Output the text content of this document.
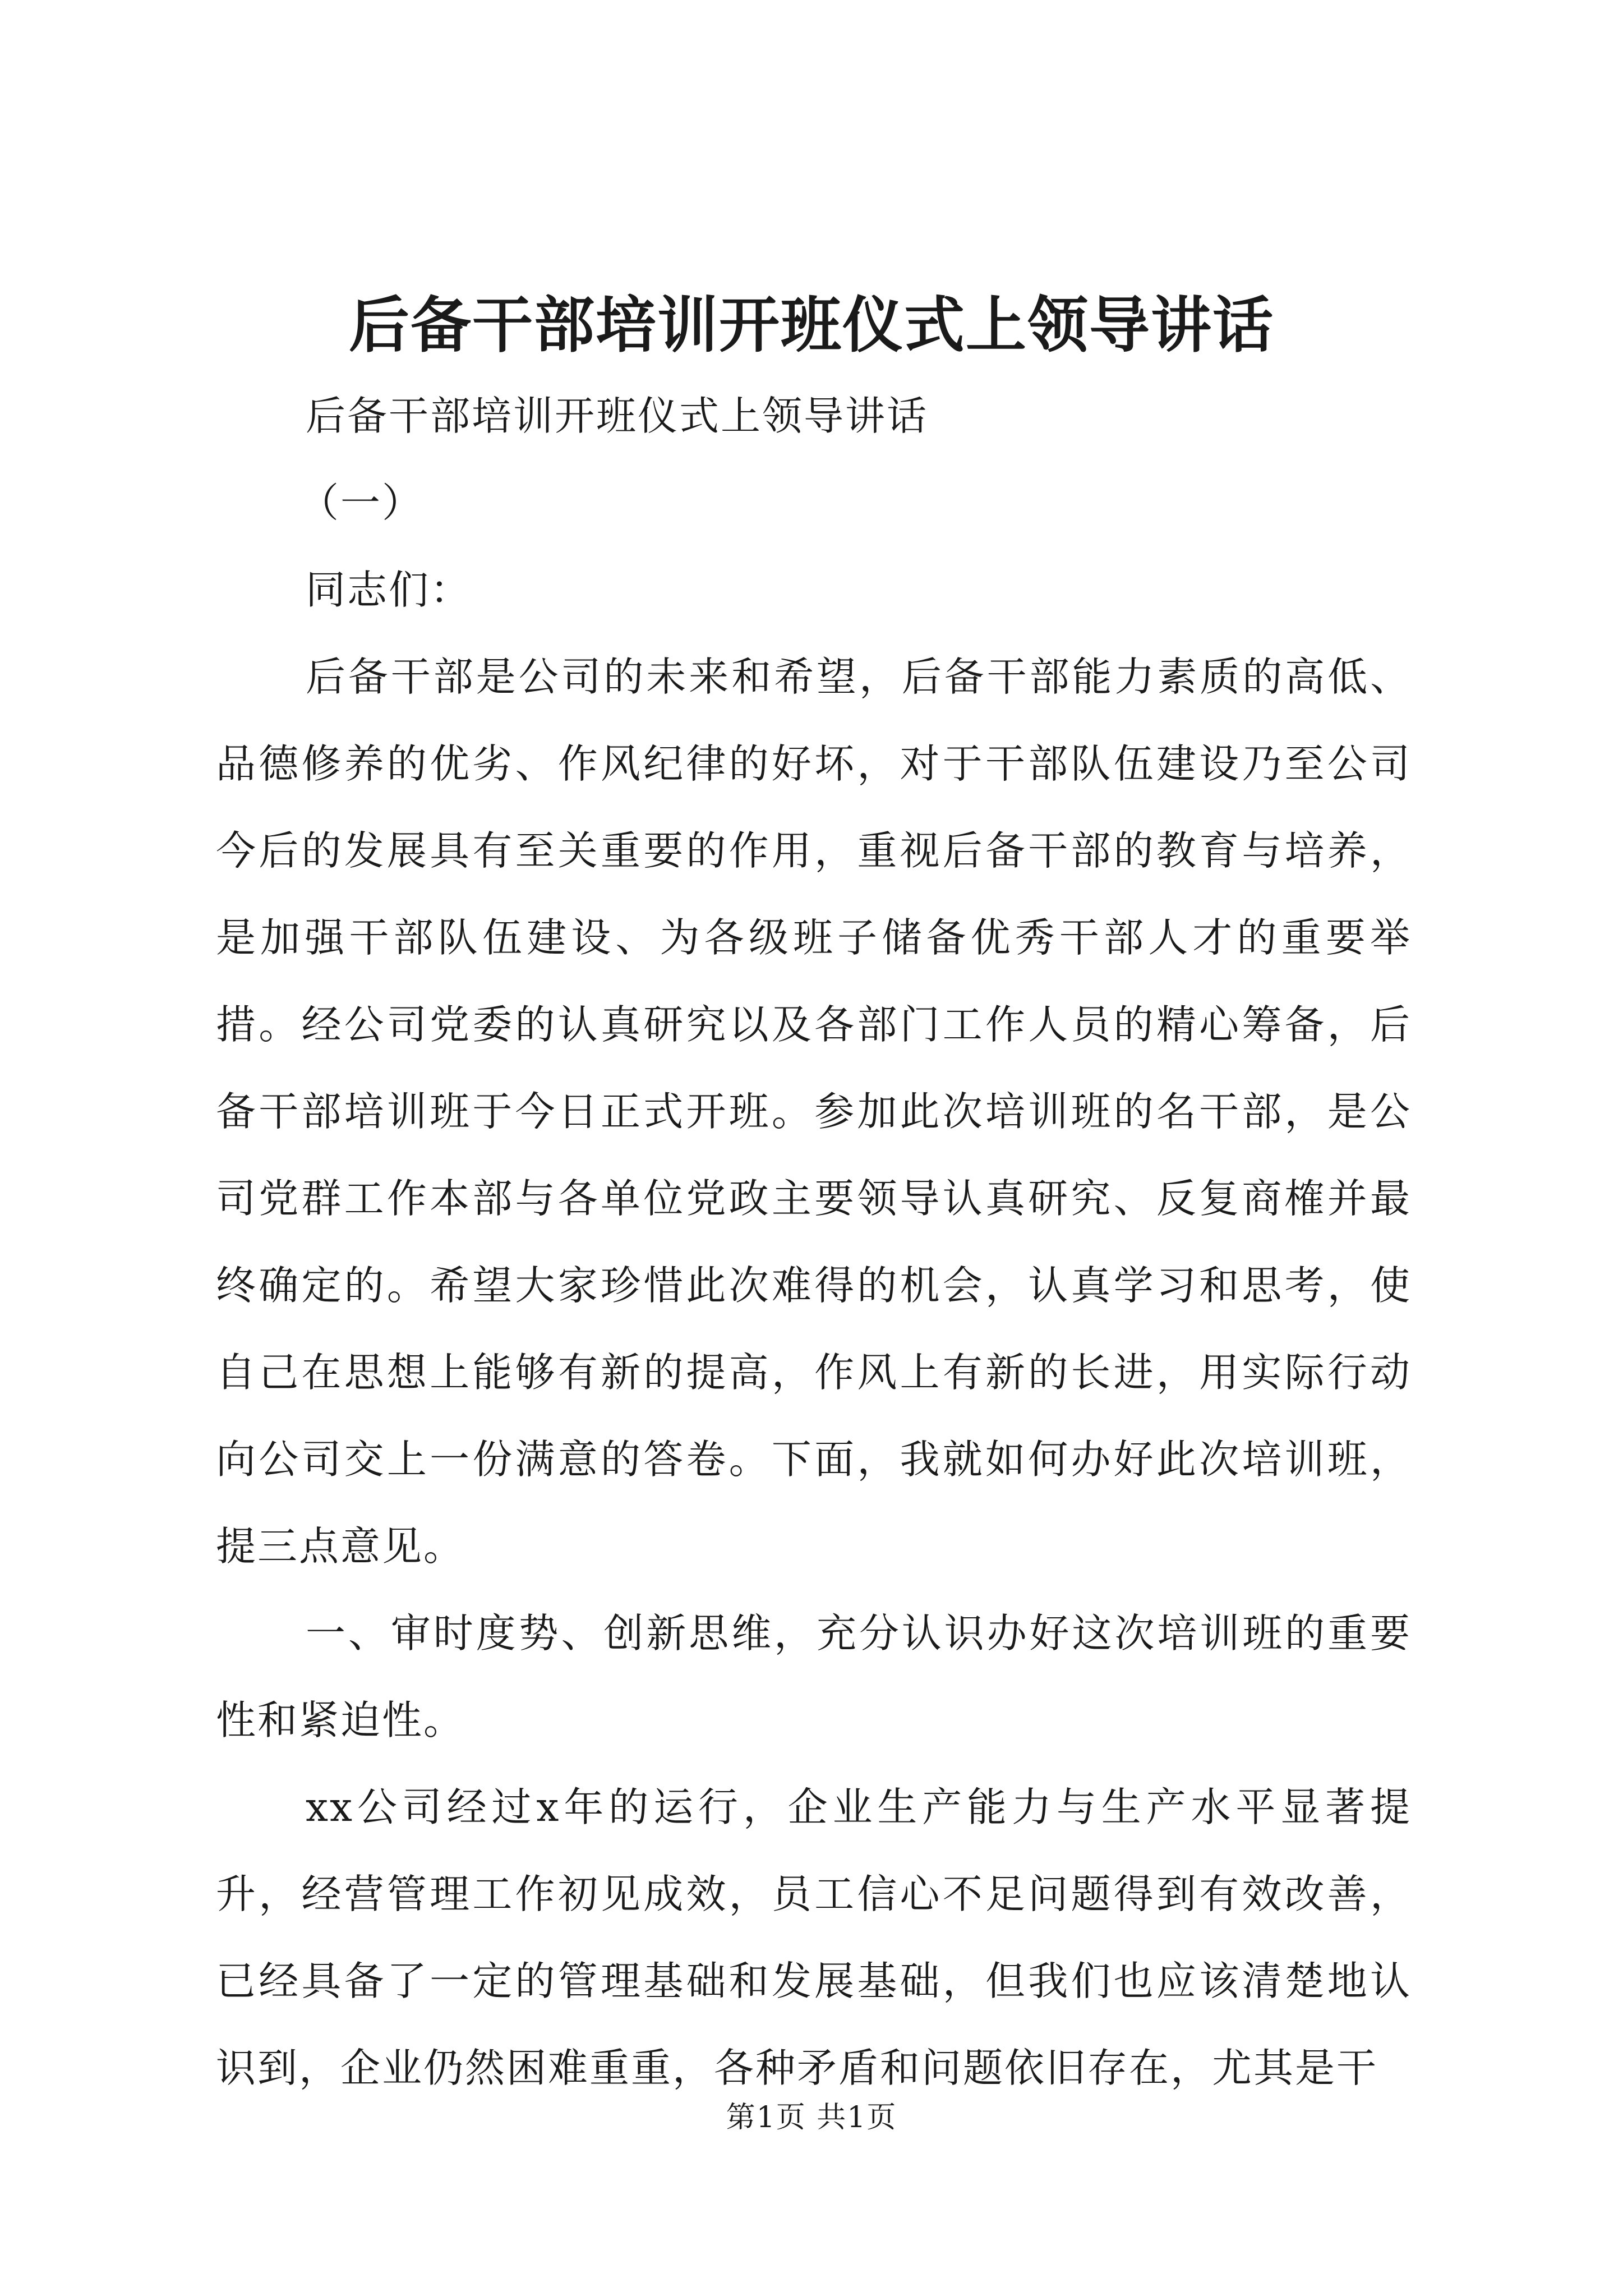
后备干部培训开班仪式上领导讲话

后备干部培训开班仪式上领导讲话

（一）

同志们：

后备干部是公司的未来和希望，后备干部能力素质的高低、品德修养的优劣、作风纪律的好坏，对于干部队伍建设乃至公司今后的发展具有至关重要的作用，重视后备干部的教育与培养，是加强干部队伍建设、为各级班子储备优秀干部人才的重要举措。经公司党委的认真研究以及各部门工作人员的精心筹备，后备干部培训班于今日正式开班。参加此次培训班的名干部，是公司党群工作本部与各单位党政主要领导认真研究、反复商榷并最终确定的。希望大家珍惜此次难得的机会，认真学习和思考，使自己在思想上能够有新的提高，作风上有新的长进，用实际行动向公司交上一份满意的答卷。下面，我就如何办好此次培训班，提三点意见。

一、审时度势、创新思维，充分认识办好这次培训班的重要性和紧迫性。

xx公司经过x年的运行，企业生产能力与生产水平显著提升，经营管理工作初见成效，员工信心不足问题得到有效改善，已经具备了一定的管理基础和发展基础，但我们也应该清楚地认识到，企业仍然困难重重，各种矛盾和问题依旧存在，尤其是干

第1页 共1页
